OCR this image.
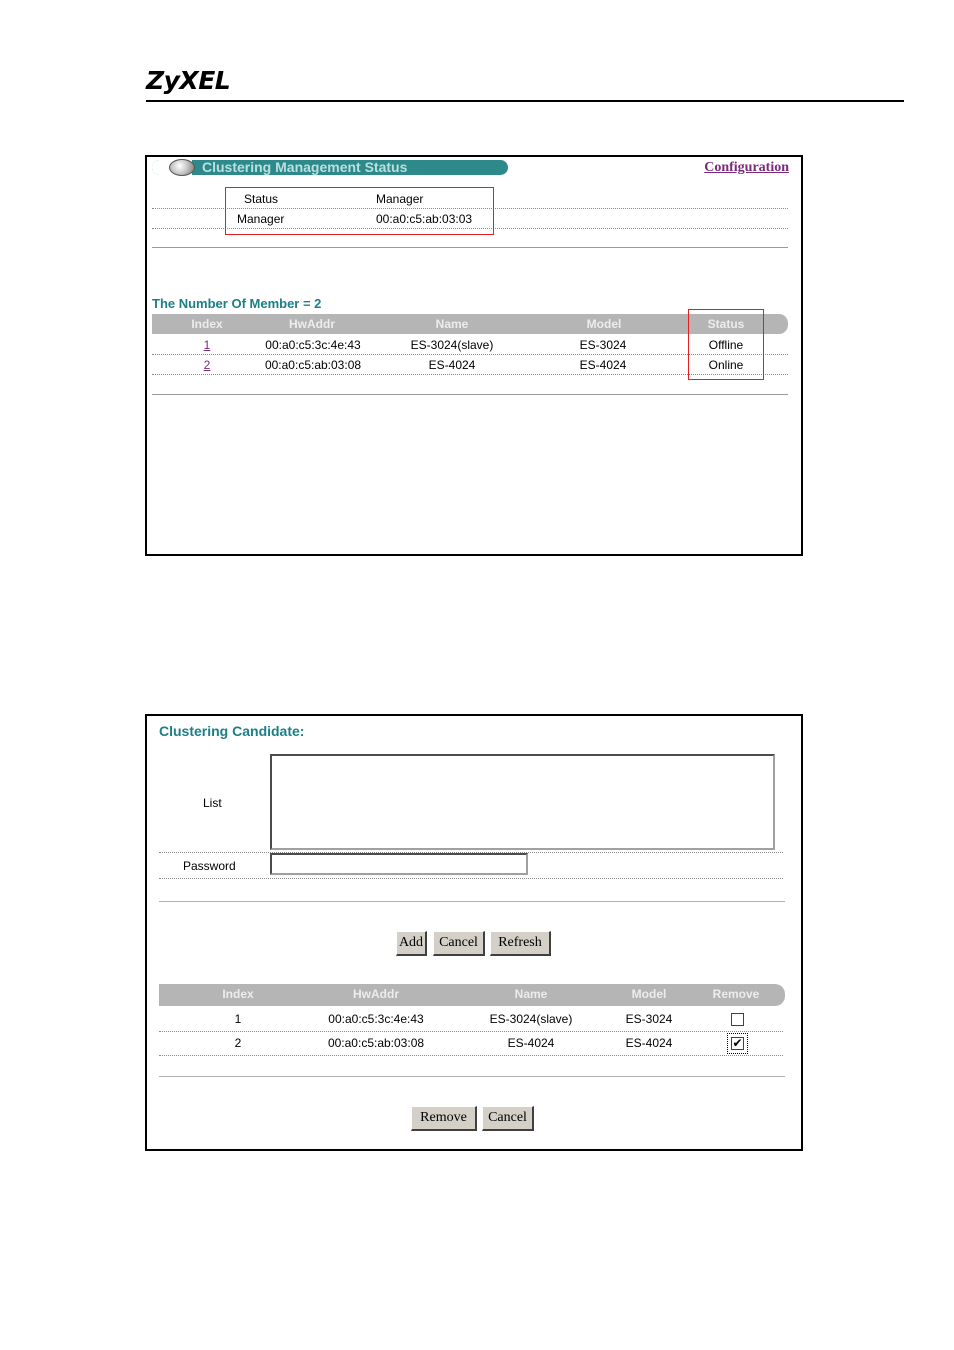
ZyXEL
Clustering Management Status	Configuration
Status	Manager
Manager	00:a0:c5:ab:03:03
The Number Of Member = 2
Index	HwAddr	Name	Model	Status
1	00:a0:c5:3c:4e:43	ES-3024(slave)	ES-3024	Offline
2	00:a0:c5:ab:03:08	ES-4024	ES-4024	Online
Clustering Candidate:
List
Password
Add	Cancel	Refresh
Index	HwAddr	Name	Model	Remove
1	00:a0:c5:3c:4e:43	ES-3024(slave)	ES-3024
2	00:a0:c5:ab:03:08	ES-4024	ES-4024	✔
Remove	Cancel
